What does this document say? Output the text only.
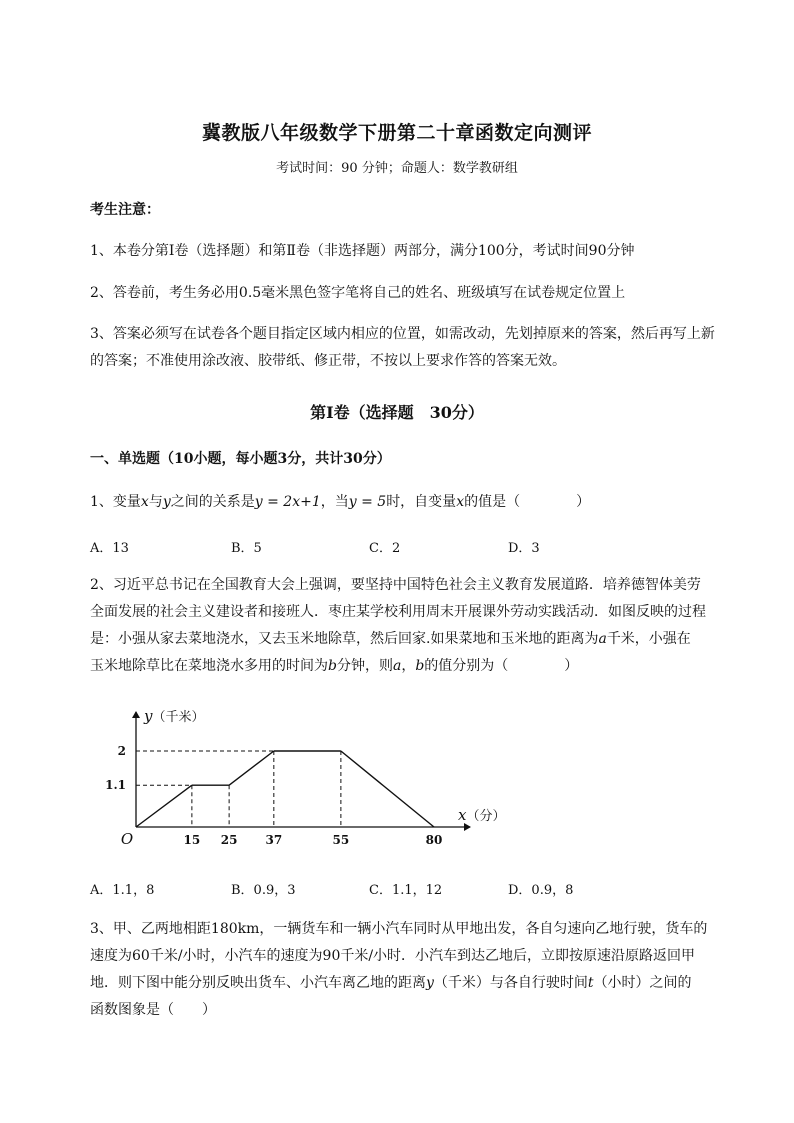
冀教版八年级数学下册第二十章函数定向测评
考试时间：90 分钟；命题人：数学教研组
考生注意：
1、本卷分第Ⅰ卷（选择题）和第Ⅱ卷（非选择题）两部分，满分100分，考试时间90分钟
2、答卷前，考生务必用0.5毫米黑色签字笔将自己的姓名、班级填写在试卷规定位置上
3、答案必须写在试卷各个题目指定区域内相应的位置，如需改动，先划掉原来的答案，然后再写上新
的答案；不准使用涂改液、胶带纸、修正带，不按以上要求作答的答案无效。
第Ⅰ卷（选择题　30分）
一、单选题（10小题，每小题3分，共计30分）
1、变量x与y之间的关系是y = 2x+1，当y = 5时，自变量x的值是（　　　　）
A．13	B．5	C．2	D．3
2、习近平总书记在全国教育大会上强调，要坚持中国特色社会主义教育发展道路．培养德智体美劳
全面发展的社会主义建设者和接班人．枣庄某学校利用周末开展课外劳动实践活动．如图反映的过程
是：小强从家去菜地浇水，又去玉米地除草，然后回家.如果菜地和玉米地的距离为a千米，小强在
玉米地除草比在菜地浇水多用的时间为b分钟，则a，b的值分别为（　　　　）
15 25 37	55	80
1.1
2
O
y（千米）
x（分）
A．1.1，8	B．0.9，3	C．1.1，12	D．0.9，8
3、甲、乙两地相距180km，一辆货车和一辆小汽车同时从甲地出发，各自匀速向乙地行驶，货车的
速度为60千米/小时，小汽车的速度为90千米/小时．小汽车到达乙地后，立即按原速沿原路返回甲
地．则下图中能分别反映出货车、小汽车离乙地的距离y（千米）与各自行驶时间t（小时）之间的
函数图象是（　　）
